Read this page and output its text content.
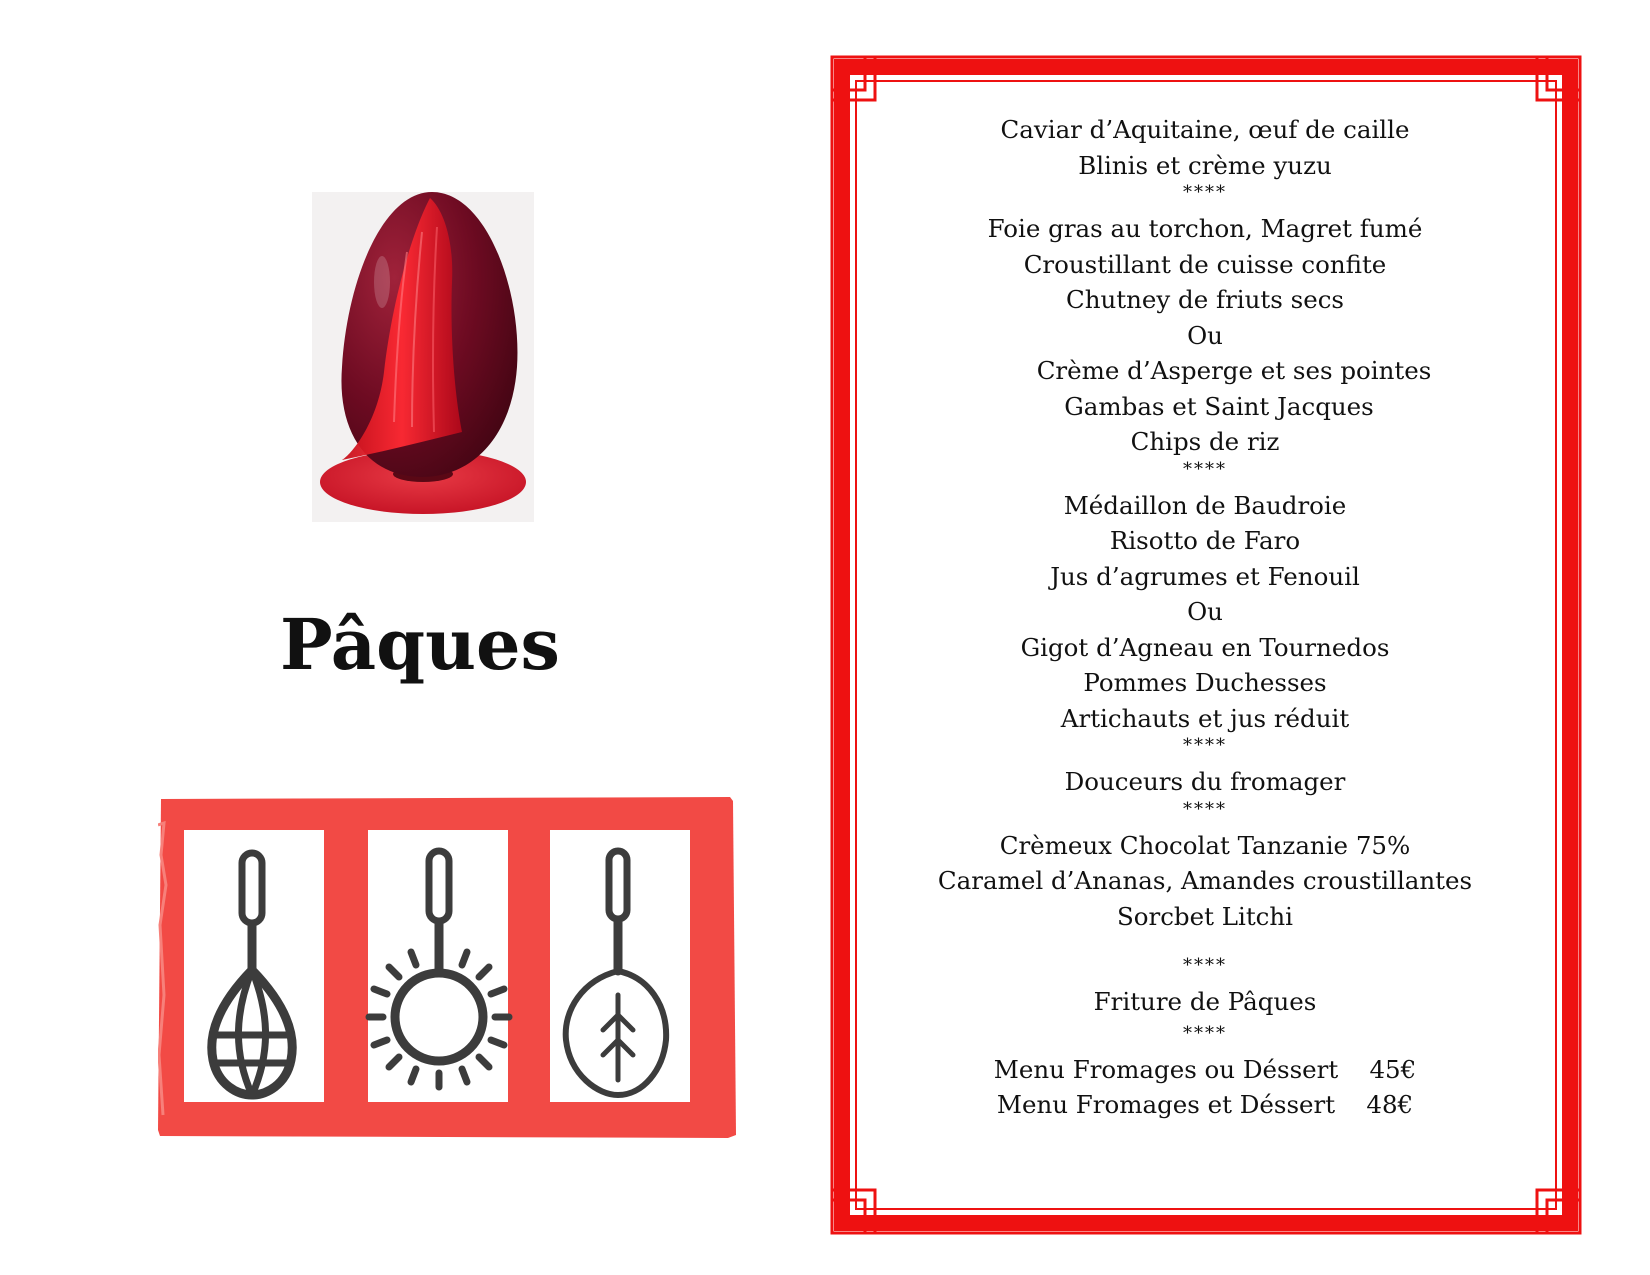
Pâques
Caviar d’Aquitaine, œuf de caille
Blinis et crème yuzu
****
Foie gras au torchon, Magret fumé
Croustillant de cuisse confite
Chutney de friuts secs
Ou
Crème d’Asperge et ses pointes
Gambas et Saint Jacques
Chips de riz
****
Médaillon de Baudroie
Risotto de Faro
Jus d’agrumes et Fenouil
Ou
Gigot d’Agneau en Tournedos
Pommes Duchesses
Artichauts et jus réduit
****
Douceurs du fromager
****
Crèmeux Chocolat Tanzanie 75%
Caramel d’Ananas, Amandes croustillantes
Sorcbet Litchi
****
Friture de Pâques
****
Menu Fromages ou Déssert 45€
Menu Fromages et Déssert 48€
